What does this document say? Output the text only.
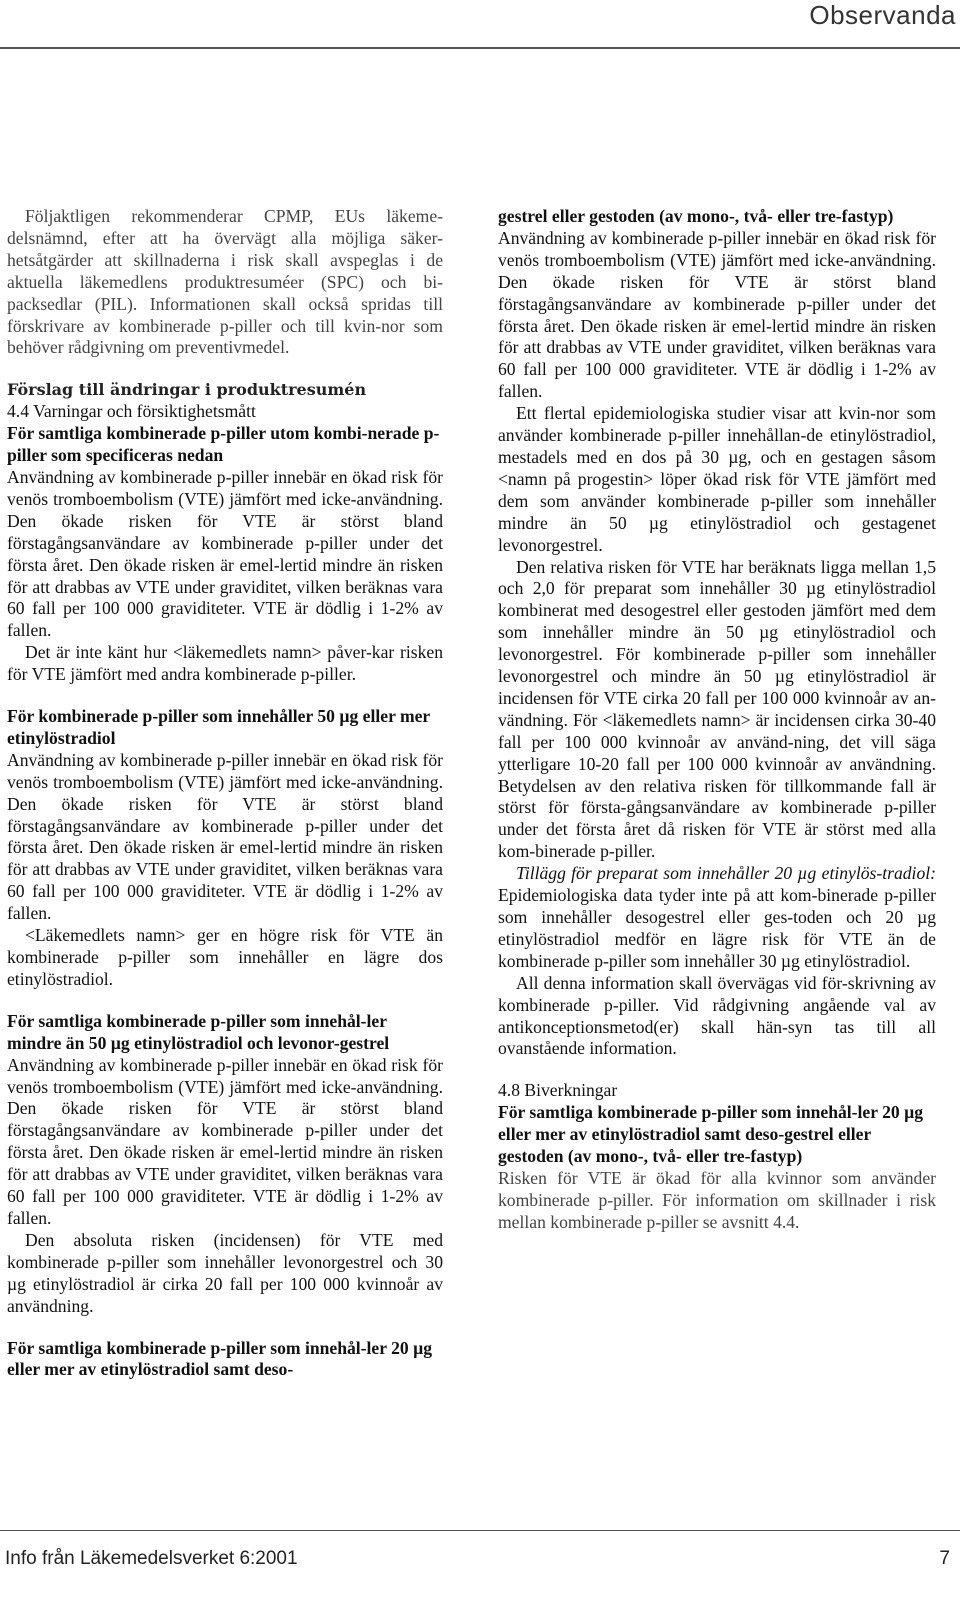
Observanda

Följaktligen rekommenderar CPMP, EUs läkeme-delsnämnd, efter att ha övervägt alla möjliga säker-hetsåtgärder att skillnaderna i risk skall avspeglas i de aktuella läkemedlens produktresuméer (SPC) och bi-packsedlar (PIL). Informationen skall också spridas till förskrivare av kombinerade p-piller och till kvin-nor som behöver rådgivning om preventivmedel.

Förslag till ändringar i produktresumén

4.4 Varningar och försiktighetsmått

För samtliga kombinerade p-piller utom kombi-nerade p-piller som specificeras nedan

Användning av kombinerade p-piller innebär en ökad risk för venös tromboembolism (VTE) jämfört med icke-användning. Den ökade risken för VTE är störst bland förstagångsanvändare av kombinerade p-piller under det första året. Den ökade risken är emel-lertid mindre än risken för att drabbas av VTE under graviditet, vilken beräknas vara 60 fall per 100 000 graviditeter. VTE är dödlig i 1-2% av fallen.

Det är inte känt hur <läkemedlets namn> påver-kar risken för VTE jämfört med andra kombinerade p-piller.

För kombinerade p-piller som innehåller 50 µg eller mer etinylöstradiol

Användning av kombinerade p-piller innebär en ökad risk för venös tromboembolism (VTE) jämfört med icke-användning. Den ökade risken för VTE är störst bland förstagångsanvändare av kombinerade p-piller under det första året. Den ökade risken är emel-lertid mindre än risken för att drabbas av VTE under graviditet, vilken beräknas vara 60 fall per 100 000 graviditeter. VTE är dödlig i 1-2% av fallen.

<Läkemedlets namn> ger en högre risk för VTE än kombinerade p-piller som innehåller en lägre dos etinylöstradiol.

För samtliga kombinerade p-piller som innehål-ler mindre än 50 µg etinylöstradiol och levonor-gestrel

Användning av kombinerade p-piller innebär en ökad risk för venös tromboembolism (VTE) jämfört med icke-användning. Den ökade risken för VTE är störst bland förstagångsanvändare av kombinerade p-piller under det första året. Den ökade risken är emel-lertid mindre än risken för att drabbas av VTE under graviditet, vilken beräknas vara 60 fall per 100 000 graviditeter. VTE är dödlig i 1-2% av fallen.

Den absoluta risken (incidensen) för VTE med kombinerade p-piller som innehåller levonorgestrel och 30 µg etinylöstradiol är cirka 20 fall per 100 000 kvinnoår av användning.

För samtliga kombinerade p-piller som innehål-ler 20 µg eller mer av etinylöstradiol samt deso-

gestrel eller gestoden (av mono-, två- eller tre-fastyp)

Användning av kombinerade p-piller innebär en ökad risk för venös tromboembolism (VTE) jämfört med icke-användning. Den ökade risken för VTE är störst bland förstagångsanvändare av kombinerade p-piller under det första året. Den ökade risken är emel-lertid mindre än risken för att drabbas av VTE under graviditet, vilken beräknas vara 60 fall per 100 000 graviditeter. VTE är dödlig i 1-2% av fallen.

Ett flertal epidemiologiska studier visar att kvin-nor som använder kombinerade p-piller innehållan-de etinylöstradiol, mestadels med en dos på 30 µg, och en gestagen såsom <namn på progestin> löper ökad risk för VTE jämfört med dem som använder kombinerade p-piller som innehåller mindre än 50 µg etinylöstradiol och gestagenet levonorgestrel.

Den relativa risken för VTE har beräknats ligga mellan 1,5 och 2,0 för preparat som innehåller 30 µg etinylöstradiol kombinerat med desogestrel eller gestoden jämfört med dem som innehåller mindre än 50 µg etinylöstradiol och levonorgestrel. För kombinerade p-piller som innehåller levonorgestrel och mindre än 50 µg etinylöstradiol är incidensen för VTE cirka 20 fall per 100 000 kvinnoår av an-vändning. För <läkemedlets namn> är incidensen cirka 30-40 fall per 100 000 kvinnoår av använd-ning, det vill säga ytterligare 10-20 fall per 100 000 kvinnoår av användning. Betydelsen av den relativa risken för tillkommande fall är störst för första-gångsanvändare av kombinerade p-piller under det första året då risken för VTE är störst med alla kom-binerade p-piller.

Tillägg för preparat som innehåller 20 µg etinylös-tradiol: Epidemiologiska data tyder inte på att kom-binerade p-piller som innehåller desogestrel eller ges-toden och 20 µg etinylöstradiol medför en lägre risk för VTE än de kombinerade p-piller som innehåller 30 µg etinylöstradiol.

All denna information skall övervägas vid för-skrivning av kombinerade p-piller. Vid rådgivning angående val av antikonceptionsmetod(er) skall hän-syn tas till all ovanstående information.

4.8 Biverkningar

För samtliga kombinerade p-piller som innehål-ler 20 µg eller mer av etinylöstradiol samt deso-gestrel eller gestoden (av mono-, två- eller tre-fastyp)

Risken för VTE är ökad för alla kvinnor som använder kombinerade p-piller. För information om skillnader i risk mellan kombinerade p-piller se avsnitt 4.4.

Info från Läkemedelsverket 6:2001	7
